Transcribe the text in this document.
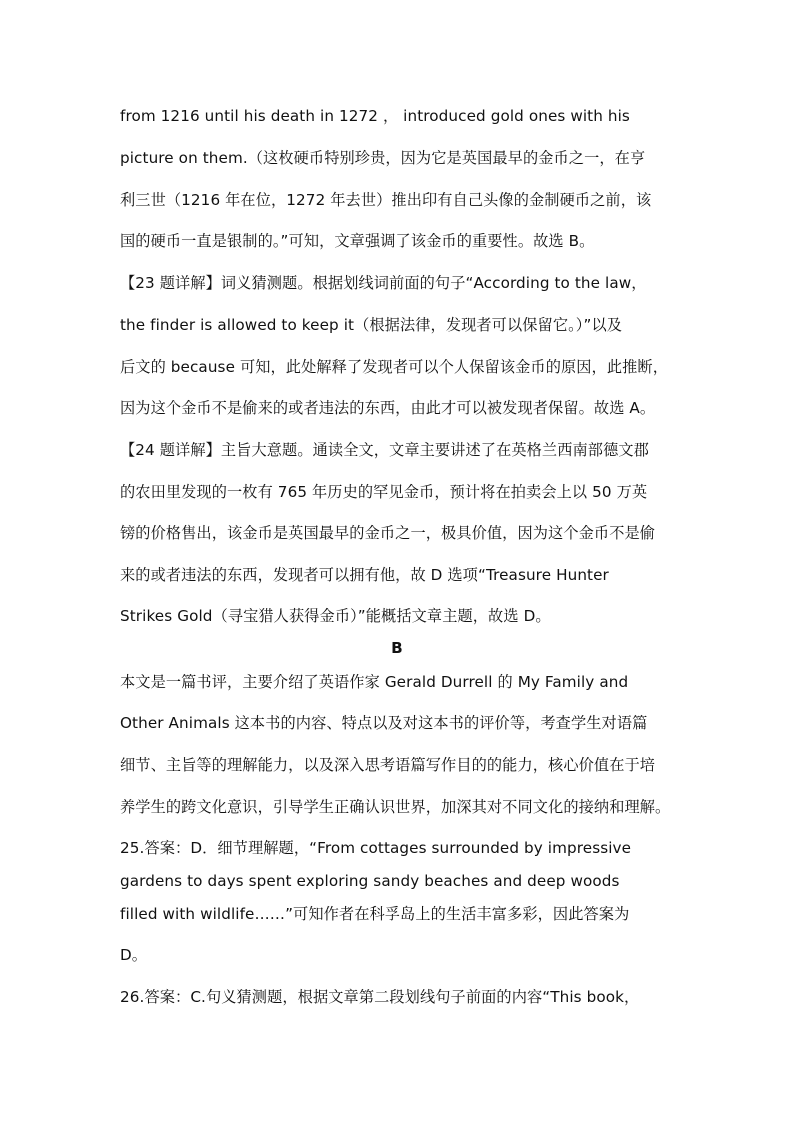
from 1216 until his death in 1272 ， introduced gold ones with his
picture on them.（这枚硬币特别珍贵，因为它是英国最早的金币之一，在亨
利三世（1216 年在位，1272 年去世）推出印有自己头像的金制硬币之前，该
国的硬币一直是银制的。”可知，文章强调了该金币的重要性。故选 B。
【23 题详解】词义猜测题。根据划线词前面的句子“According to the law，
the finder is allowed to keep it（根据法律，发现者可以保留它。）”以及
后文的 because 可知，此处解释了发现者可以个人保留该金币的原因，此推断，
因为这个金币不是偷来的或者违法的东西，由此才可以被发现者保留。故选 A。
【24 题详解】主旨大意题。通读全文，文章主要讲述了在英格兰西南部德文郡
的农田里发现的一枚有 765 年历史的罕见金币，预计将在拍卖会上以 50 万英
镑的价格售出，该金币是英国最早的金币之一，极具价值，因为这个金币不是偷
来的或者违法的东西，发现者可以拥有他，故 D 选项“Treasure Hunter
Strikes Gold（寻宝猎人获得金币）”能概括文章主题，故选 D。
B
本文是一篇书评，主要介绍了英语作家 Gerald Durrell 的 My Family and
Other Animals 这本书的内容、特点以及对这本书的评价等，考查学生对语篇
细节、主旨等的理解能力，以及深入思考语篇写作目的的能力，核心价值在于培
养学生的跨文化意识，引导学生正确认识世界，加深其对不同文化的接纳和理解。
25.答案：D．细节理解题，“From cottages surrounded by impressive
gardens to days spent exploring sandy beaches and deep woods
filled with wildlife……”可知作者在科孚岛上的生活丰富多彩，因此答案为
D。
26.答案：C.句义猜测题，根据文章第二段划线句子前面的内容“This book，
